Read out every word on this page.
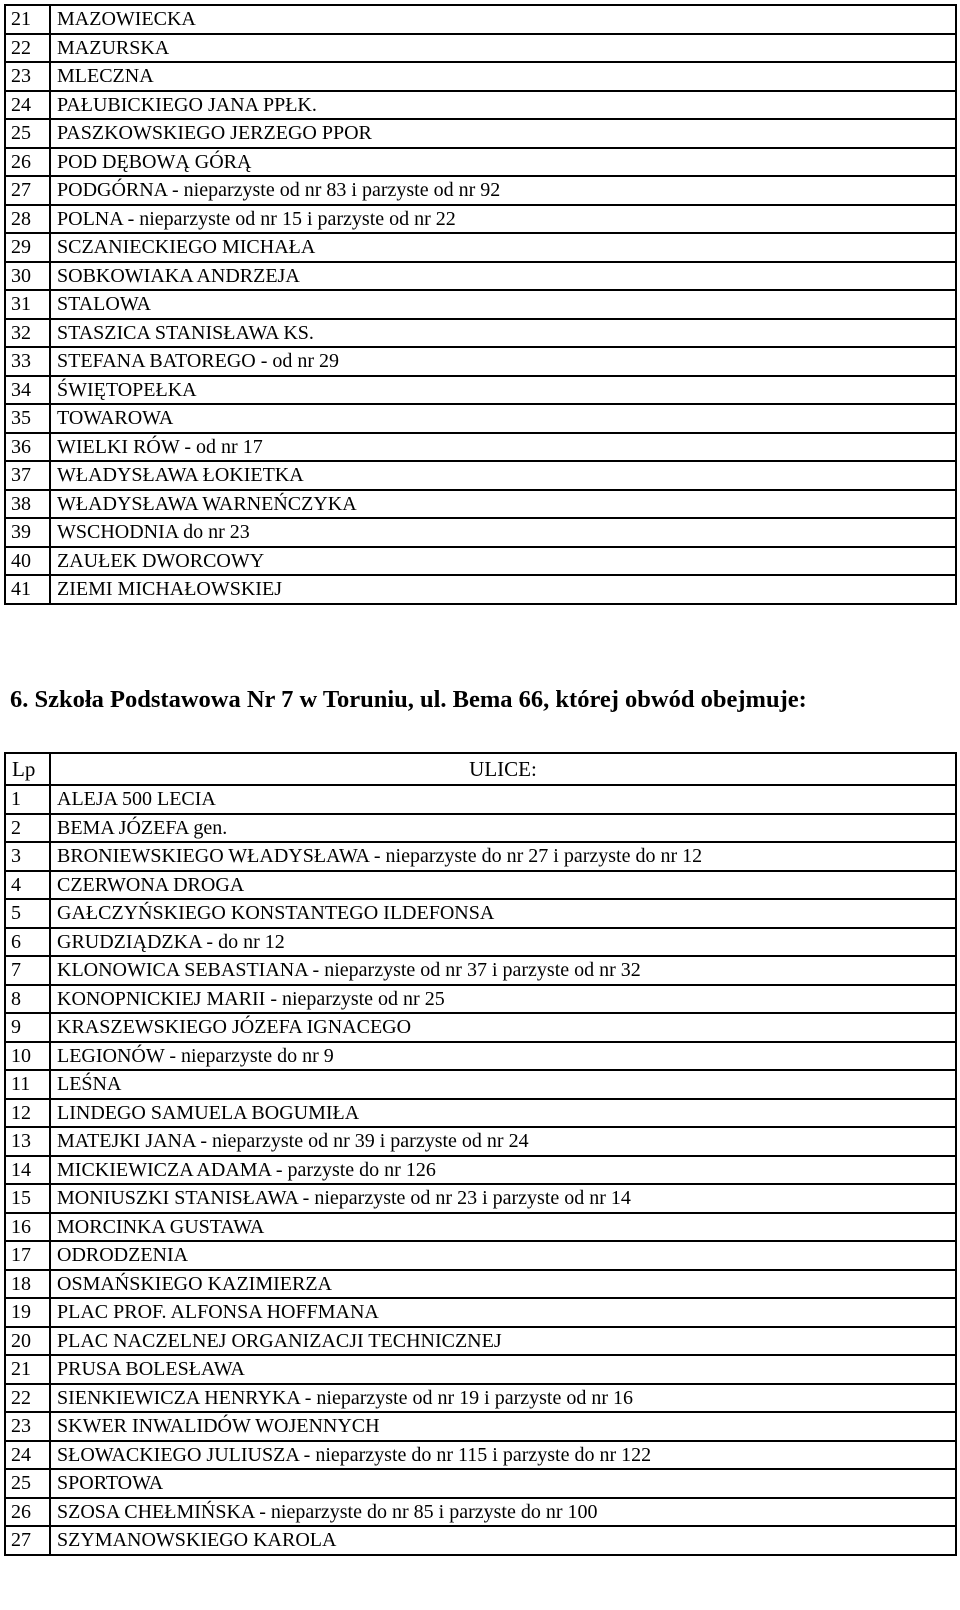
21	MAZOWIECKA
22	MAZURSKA
23	MLECZNA
24	PAŁUBICKIEGO JANA PPŁK.
25	PASZKOWSKIEGO JERZEGO PPOR
26	POD DĘBOWĄ GÓRĄ
27	PODGÓRNA - nieparzyste od nr 83 i parzyste od nr 92
28	POLNA - nieparzyste od nr 15 i parzyste od nr 22
29	SCZANIECKIEGO MICHAŁA
30	SOBKOWIAKA ANDRZEJA
31	STALOWA
32	STASZICA STANISŁAWA KS.
33	STEFANA BATOREGO - od nr 29
34	ŚWIĘTOPEŁKA
35	TOWAROWA
36	WIELKI RÓW - od nr 17
37	WŁADYSŁAWA ŁOKIETKA
38	WŁADYSŁAWA WARNEŃCZYKA
39	WSCHODNIA do nr 23
40	ZAUŁEK DWORCOWY
41	ZIEMI MICHAŁOWSKIEJ
6. Szkoła Podstawowa Nr 7 w Toruniu, ul. Bema 66, której obwód obejmuje:
Lp	ULICE:
1	ALEJA 500 LECIA
2	BEMA JÓZEFA gen.
3	BRONIEWSKIEGO WŁADYSŁAWA - nieparzyste do nr 27 i parzyste do nr 12
4	CZERWONA DROGA
5	GAŁCZYŃSKIEGO KONSTANTEGO ILDEFONSA
6	GRUDZIĄDZKA - do nr 12
7	KLONOWICA SEBASTIANA - nieparzyste od nr 37 i parzyste od nr 32
8	KONOPNICKIEJ MARII - nieparzyste od nr 25
9	KRASZEWSKIEGO JÓZEFA IGNACEGO
10	LEGIONÓW - nieparzyste do nr 9
11	LEŚNA
12	LINDEGO SAMUELA BOGUMIŁA
13	MATEJKI JANA - nieparzyste od nr 39 i parzyste od nr 24
14	MICKIEWICZA ADAMA - parzyste do nr 126
15	MONIUSZKI STANISŁAWA - nieparzyste od nr 23 i parzyste od nr 14
16	MORCINKA GUSTAWA
17	ODRODZENIA
18	OSMAŃSKIEGO KAZIMIERZA
19	PLAC PROF. ALFONSA HOFFMANA
20	PLAC NACZELNEJ ORGANIZACJI TECHNICZNEJ
21	PRUSA BOLESŁAWA
22	SIENKIEWICZA HENRYKA - nieparzyste od nr 19 i parzyste od nr 16
23	SKWER INWALIDÓW WOJENNYCH
24	SŁOWACKIEGO JULIUSZA - nieparzyste do nr 115 i parzyste do nr 122
25	SPORTOWA
26	SZOSA CHEŁMIŃSKA - nieparzyste do nr 85 i parzyste do nr 100
27	SZYMANOWSKIEGO KAROLA
